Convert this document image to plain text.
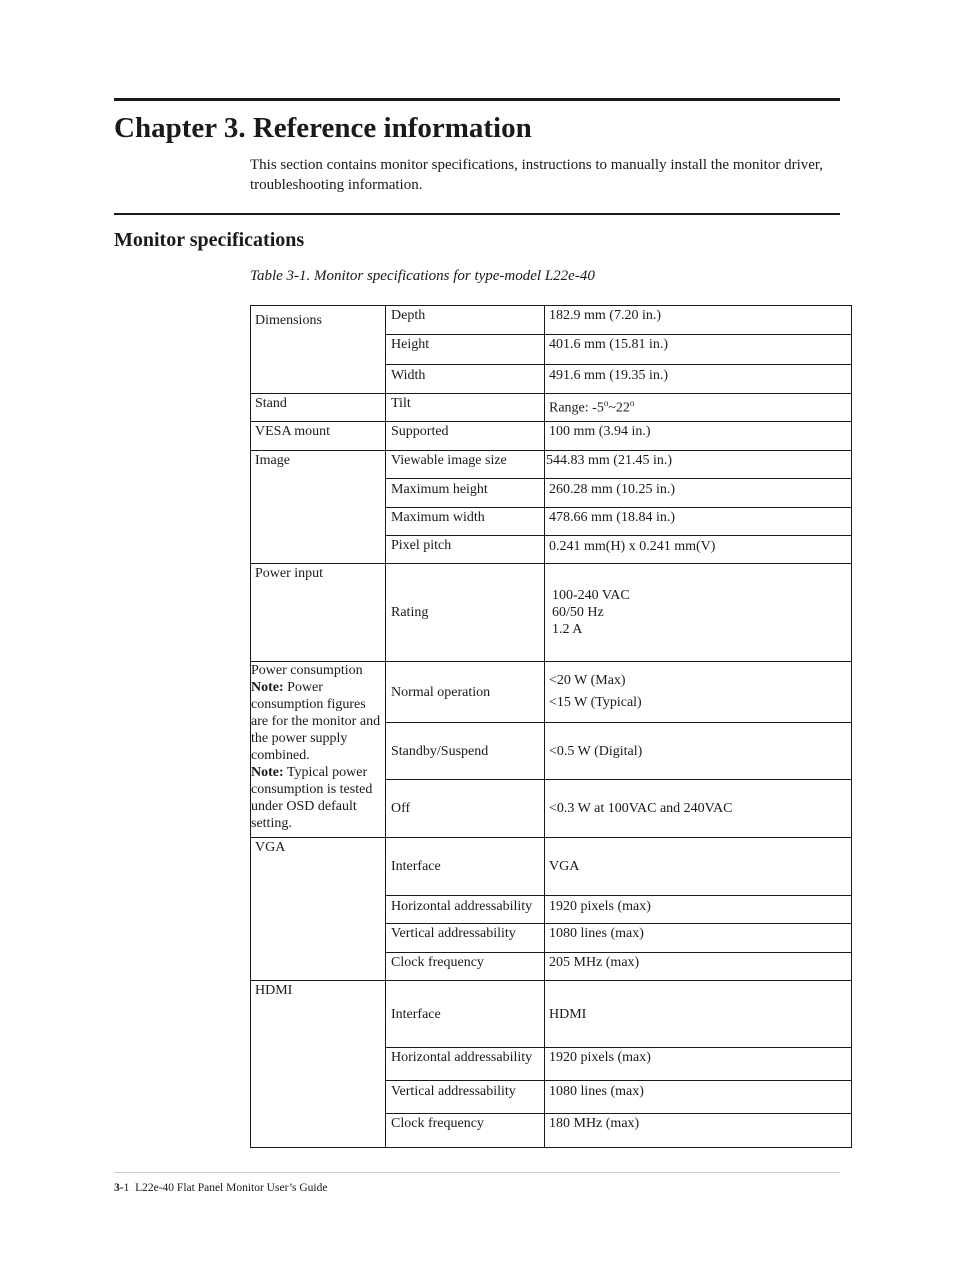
Chapter 3. Reference information

This section contains monitor specifications, instructions to manually install the monitor driver, troubleshooting information.

Monitor specifications

Table 3-1. Monitor specifications for type-model L22e-40

Dimensions	Depth	182.9 mm (7.20 in.)
	Height	401.6 mm (15.81 in.)
	Width	491.6 mm (19.35 in.)
Stand	Tilt	Range: -5$^o$~22$^o$
VESA mount	Supported	100 mm (3.94 in.)
Image	Viewable image size	544.83 mm (21.45 in.)
	Maximum height	260.28 mm (10.25 in.)
	Maximum width	478.66 mm (18.84 in.)
	Pixel pitch	0.241 mm(H) x 0.241 mm(V)
Power input	Rating	100-240 VAC
60/50 Hz
1.2 A

Power consumption
Note: Power consumption figures are for the monitor and the power supply combined.
Note: Typical power consumption is tested under OSD default setting.	Normal operation	<20 W (Max)
<15 W (Typical)

	Standby/Suspend	<0.5 W (Digital)
	Off	<0.3 W at 100VAC and 240VAC
VGA	Interface	VGA
	Horizontal addressability	1920 pixels (max)
	Vertical addressability	1080 lines (max)
	Clock frequency	205 MHz (max)
HDMI	Interface	HDMI
	Horizontal addressability	1920 pixels (max)
	Vertical addressability	1080 lines (max)
	Clock frequency	180 MHz (max)

3-1  L22e-40 Flat Panel Monitor User’s Guide
